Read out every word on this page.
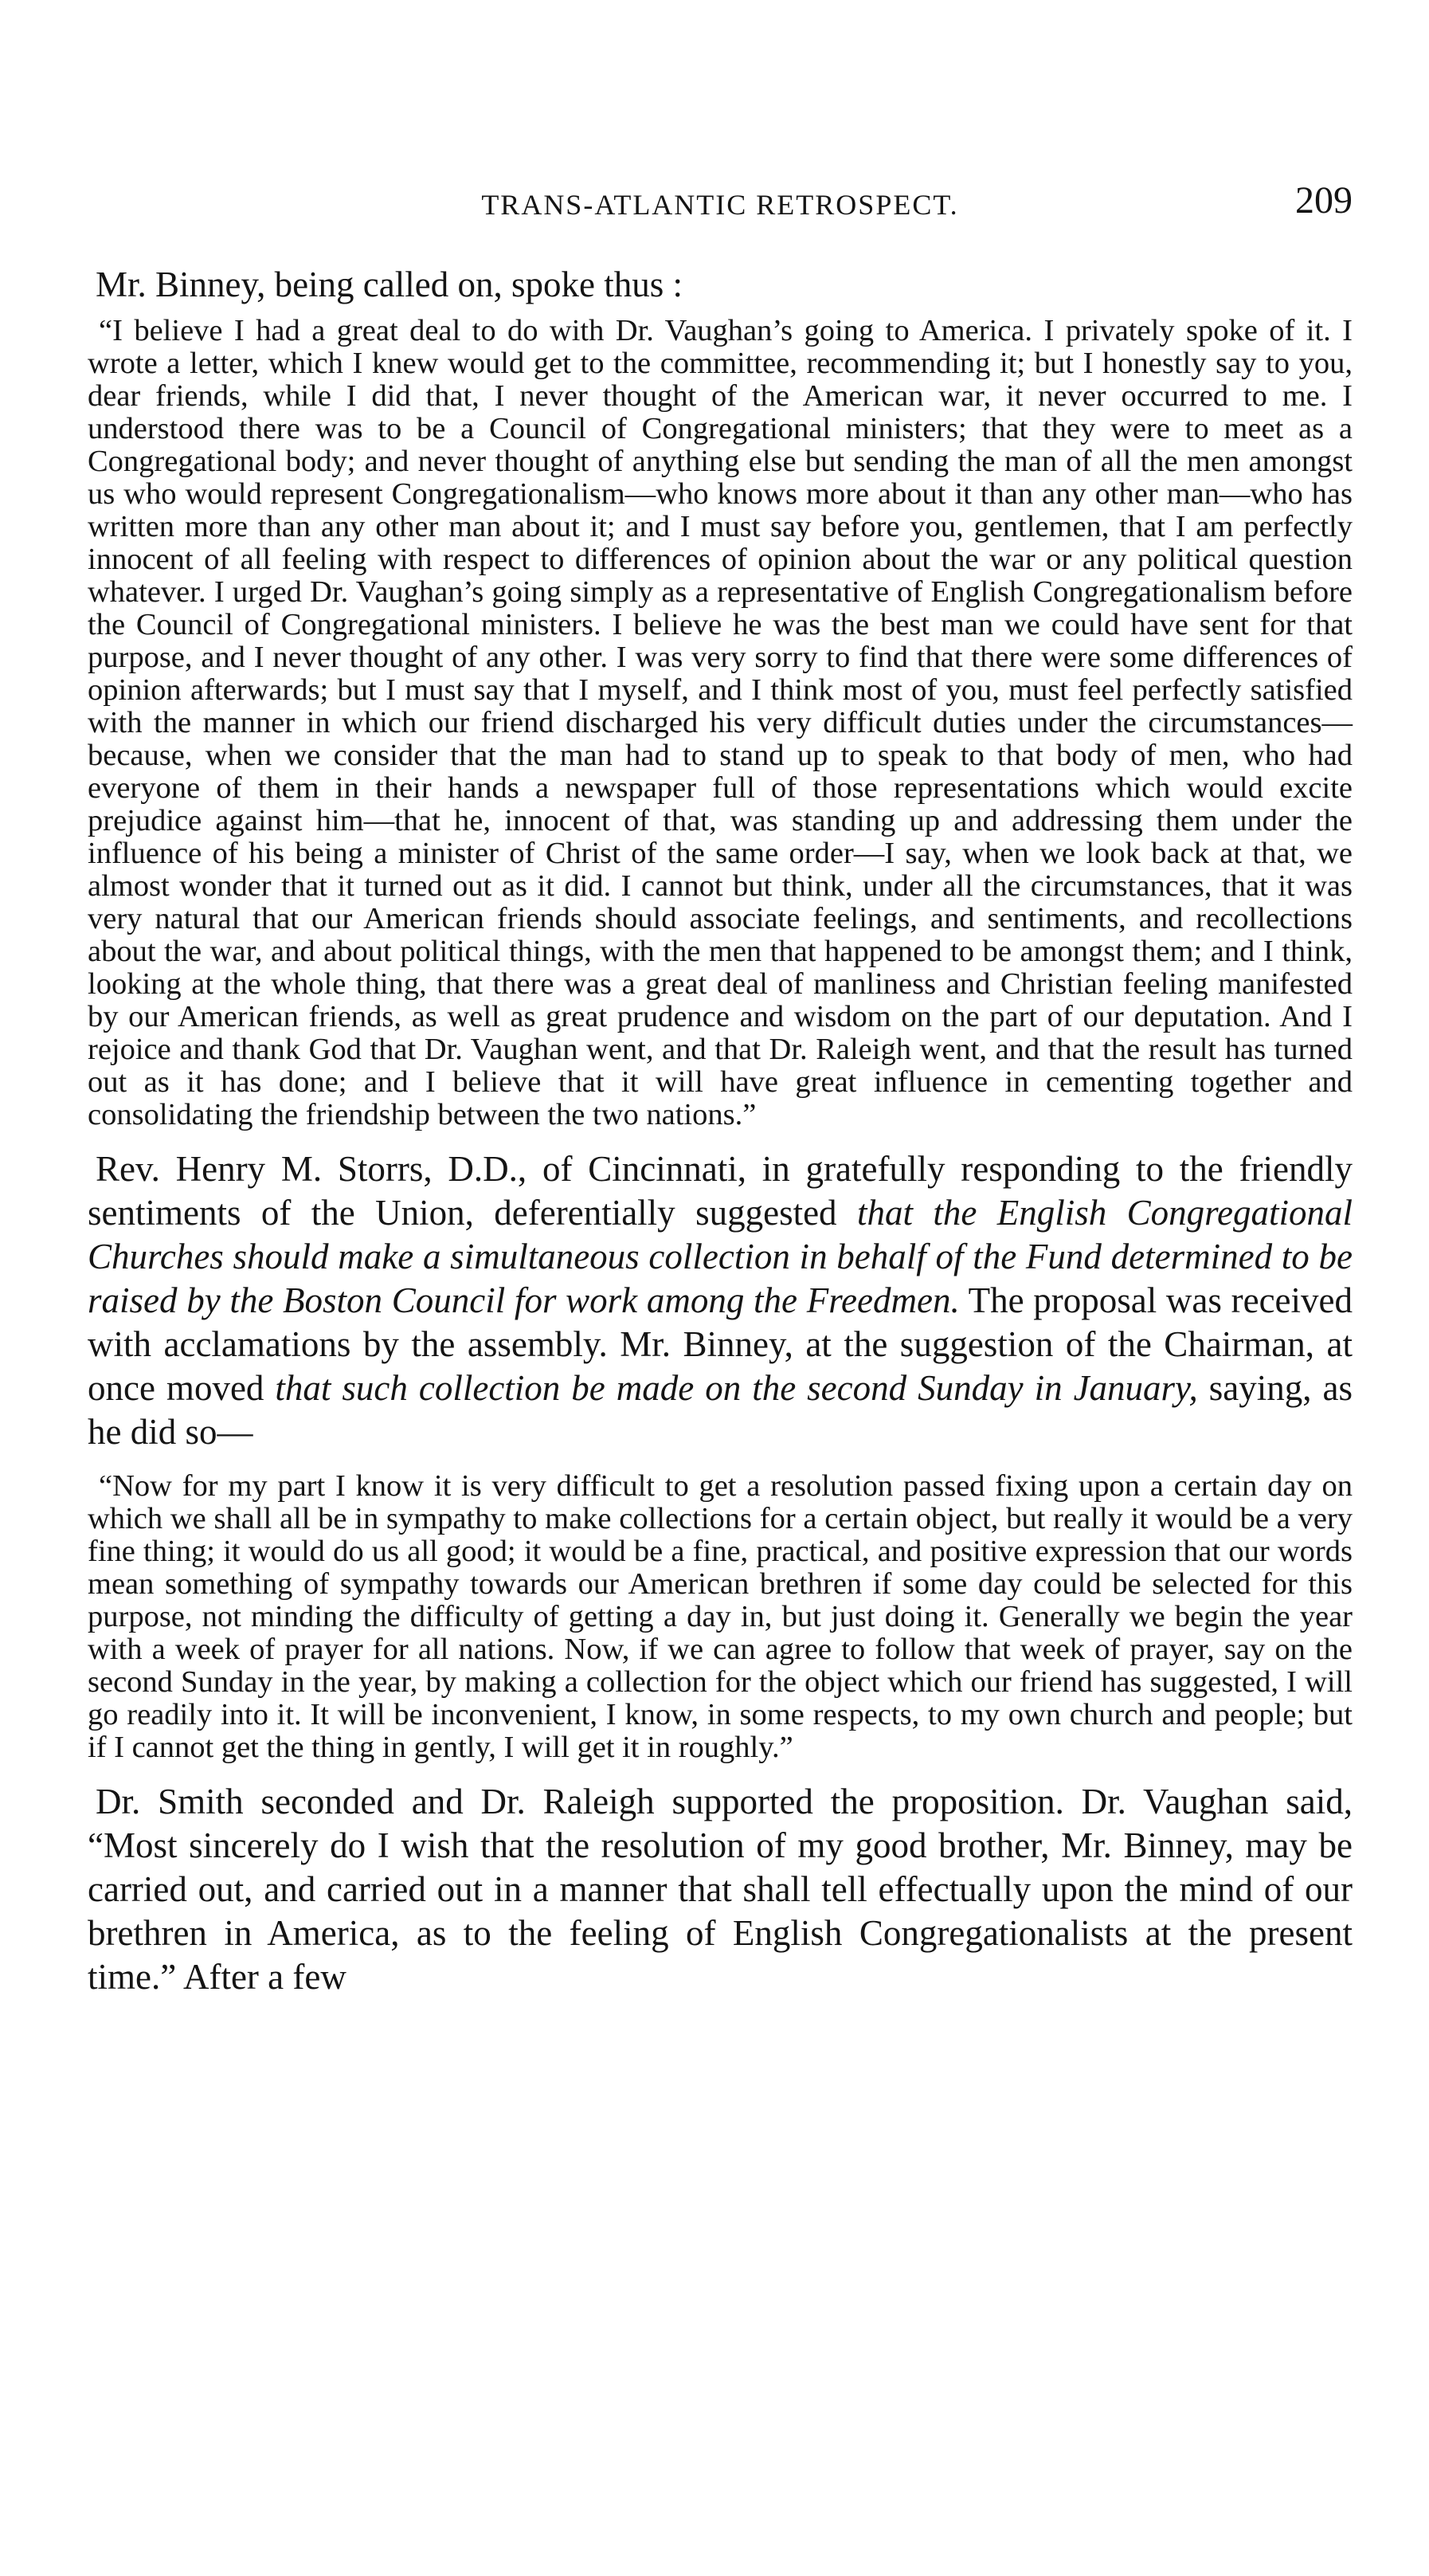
TRANS-ATLANTIC RETROSPECT.	209

Mr. Binney, being called on, spoke thus :

“I believe I had a great deal to do with Dr. Vaughan’s going to America. I privately spoke of it. I wrote a letter, which I knew would get to the committee, recommending it; but I honestly say to you, dear friends, while I did that, I never thought of the American war, it never occurred to me. I understood there was to be a Council of Congregational ministers; that they were to meet as a Congregational body; and never thought of anything else but sending the man of all the men amongst us who would represent Congregationalism—who knows more about it than any other man—who has written more than any other man about it; and I must say before you, gentlemen, that I am perfectly innocent of all feeling with respect to differences of opinion about the war or any political question whatever. I urged Dr. Vaughan’s going simply as a representative of English Congregationalism before the Council of Congregational ministers. I believe he was the best man we could have sent for that purpose, and I never thought of any other. I was very sorry to find that there were some differences of opinion afterwards; but I must say that I myself, and I think most of you, must feel perfectly satisfied with the manner in which our friend discharged his very difficult duties under the circumstances—because, when we consider that the man had to stand up to speak to that body of men, who had everyone of them in their hands a newspaper full of those representations which would excite prejudice against him—that he, innocent of that, was standing up and addressing them under the influence of his being a minister of Christ of the same order—I say, when we look back at that, we almost wonder that it turned out as it did. I cannot but think, under all the circumstances, that it was very natural that our American friends should associate feelings, and sentiments, and recollections about the war, and about political things, with the men that happened to be amongst them; and I think, looking at the whole thing, that there was a great deal of manliness and Christian feeling manifested by our American friends, as well as great prudence and wisdom on the part of our deputation. And I rejoice and thank God that Dr. Vaughan went, and that Dr. Raleigh went, and that the result has turned out as it has done; and I believe that it will have great influence in cementing together and consolidating the friendship between the two nations.”

Rev. Henry M. Storrs, D.D., of Cincinnati, in gratefully responding to the friendly sentiments of the Union, deferentially suggested that the English Congregational Churches should make a simultaneous collection in behalf of the Fund determined to be raised by the Boston Council for work among the Freedmen. The proposal was received with acclamations by the assembly. Mr. Binney, at the suggestion of the Chairman, at once moved that such collection be made on the second Sunday in January, saying, as he did so—

“Now for my part I know it is very difficult to get a resolution passed fixing upon a certain day on which we shall all be in sympathy to make collections for a certain object, but really it would be a very fine thing; it would do us all good; it would be a fine, practical, and positive expression that our words mean something of sympathy towards our American brethren if some day could be selected for this purpose, not minding the difficulty of getting a day in, but just doing it. Generally we begin the year with a week of prayer for all nations. Now, if we can agree to follow that week of prayer, say on the second Sunday in the year, by making a collection for the object which our friend has suggested, I will go readily into it. It will be inconvenient, I know, in some respects, to my own church and people; but if I cannot get the thing in gently, I will get it in roughly.”

Dr. Smith seconded and Dr. Raleigh supported the proposition. Dr. Vaughan said, “Most sincerely do I wish that the resolution of my good brother, Mr. Binney, may be carried out, and carried out in a manner that shall tell effectually upon the mind of our brethren in America, as to the feeling of English Congregationalists at the present time.” After a few
